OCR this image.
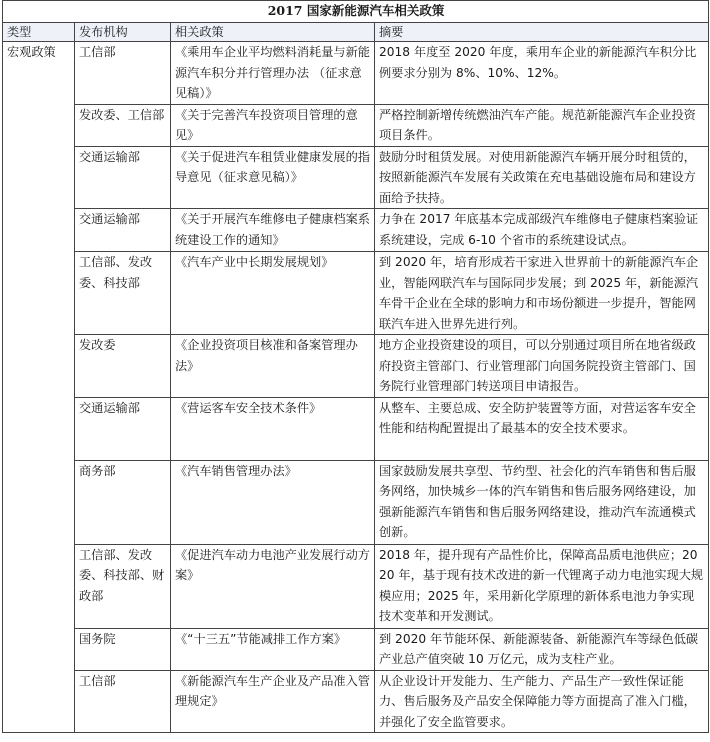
2017 国家新能源汽车相关政策			
类型	发布机构	相关政策	摘要
宏观政策	工信部	《乘用车企业平均燃料消耗量与新能源汽车积分并行管理办法 （征求意见稿）》	2018 年度至 2020 年度，乘用车企业的新能源汽车积分比例要求分别为 8%、10%、12%。
	发改委、工信部	《关于完善汽车投资项目管理的意见》	严格控制新增传统燃油汽车产能。规范新能源汽车企业投资项目条件。
	交通运输部	《关于促进汽车租赁业健康发展的指导意见（征求意见稿）》	鼓励分时租赁发展。对使用新能源汽车辆开展分时租赁的，按照新能源汽车发展有关政策在充电基础设施布局和建设方面给予扶持。
	交通运输部	《关于开展汽车维修电子健康档案系统建设工作的通知》	力争在 2017 年底基本完成部级汽车维修电子健康档案验证系统建设，完成 6-10 个省市的系统建设试点。
	工信部、发改委、科技部	《汽车产业中长期发展规划》	到 2020 年，培育形成若干家进入世界前十的新能源汽车企业，智能网联汽车与国际同步发展；到 2025 年，新能源汽车骨干企业在全球的影响力和市场份额进一步提升，智能网联汽车进入世界先进行列。
	发改委	《企业投资项目核准和备案管理办法》	地方企业投资建设的项目，可以分别通过项目所在地省级政府投资主管部门、行业管理部门向国务院投资主管部门、国务院行业管理部门转送项目申请报告。
	交通运输部	《营运客车安全技术条件》	从整车、主要总成、安全防护装置等方面，对营运客车安全性能和结构配置提出了最基本的安全技术要求。
	商务部	《汽车销售管理办法》	国家鼓励发展共享型、节约型、社会化的汽车销售和售后服务网络，加快城乡一体的汽车销售和售后服务网络建设，加强新能源汽车销售和售后服务网络建设，推动汽车流通模式创新。
	工信部、发改委、科技部、财政部	《促进汽车动力电池产业发展行动方案》	2018 年，提升现有产品性价比，保障高品质电池供应；2020 年，基于现有技术改进的新一代锂离子动力电池实现大规模应用；2025 年，采用新化学原理的新体系电池力争实现技术变革和开发测试。
	国务院	《“十三五”节能减排工作方案》	到 2020 年节能环保、新能源装备、新能源汽车等绿色低碳产业总产值突破 10 万亿元，成为支柱产业。
	工信部	《新能源汽车生产企业及产品准入管理规定》	从企业设计开发能力、生产能力、产品生产一致性保证能力、售后服务及产品安全保障能力等方面提高了准入门槛，并强化了安全监管要求。
